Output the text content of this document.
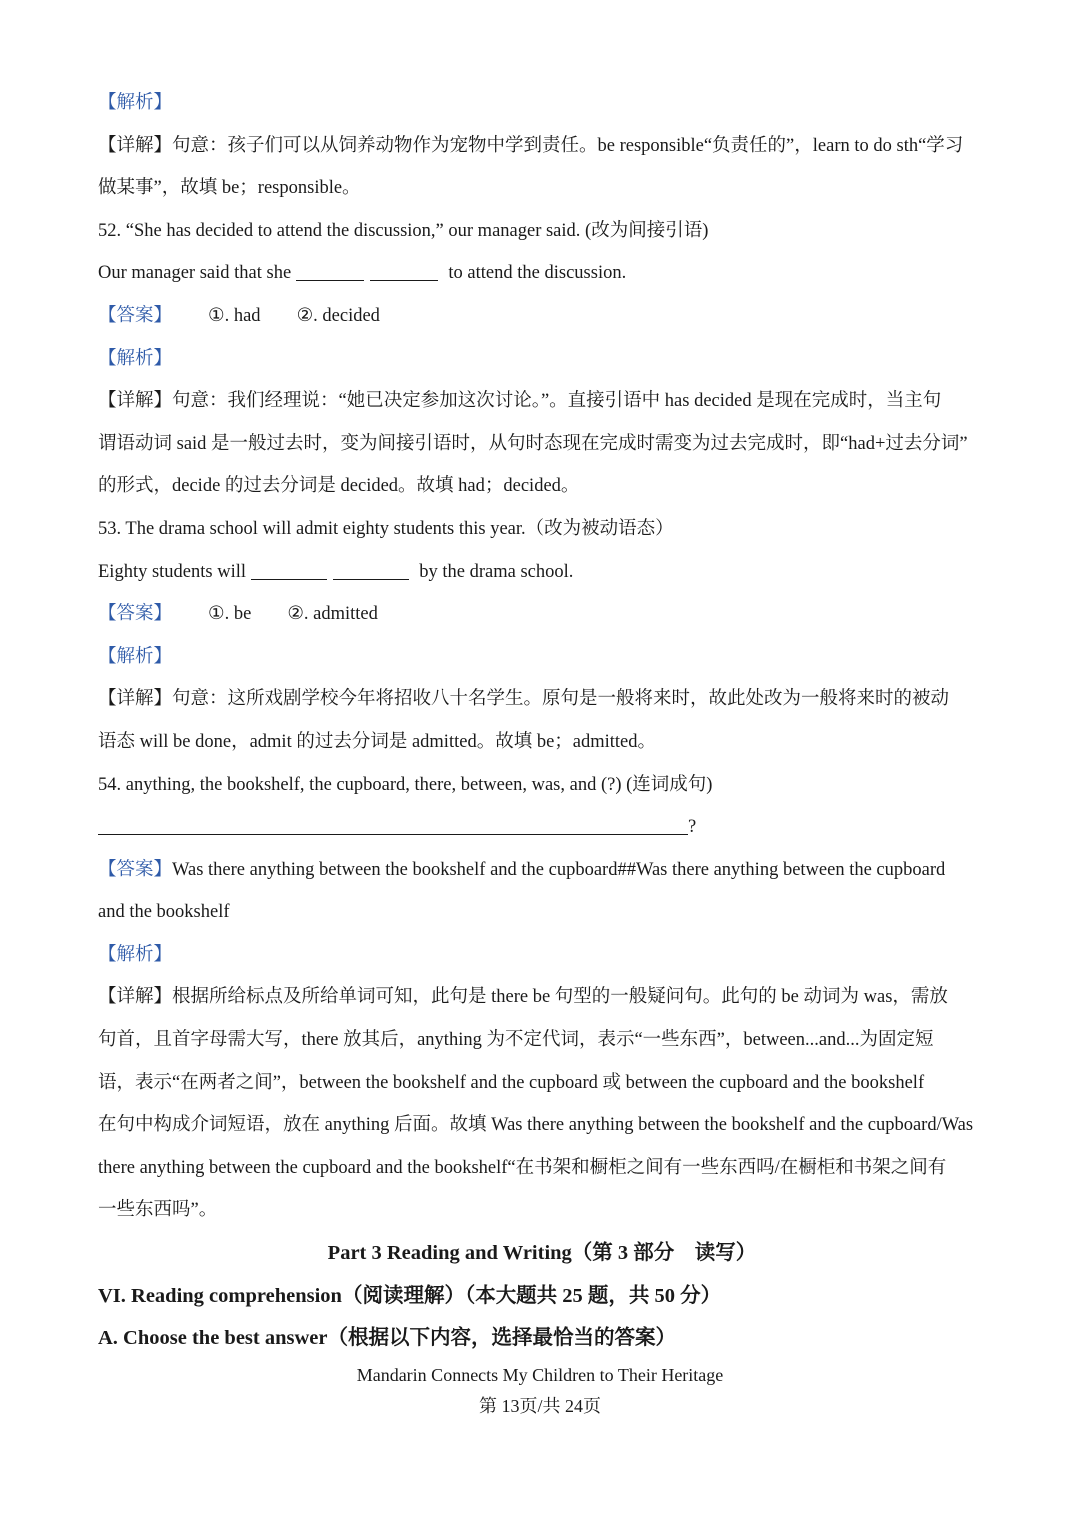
【解析】
【详解】句意：孩子们可以从饲养动物作为宠物中学到责任。be responsible“负责任的”，learn to do sth“学习
做某事”，故填 be；responsible。
52. “She has decided to attend the discussion,” our manager said. (改为间接引语)
Our manager said that she	to attend the discussion.
【答案】 ①. had ②. decided
【解析】
【详解】句意：我们经理说：“她已决定参加这次讨论。”。直接引语中 has decided 是现在完成时，当主句
谓语动词 said 是一般过去时，变为间接引语时，从句时态现在完成时需变为过去完成时，即“had+过去分词”
的形式，decide 的过去分词是 decided。故填 had；decided。
53. The drama school will admit eighty students this year.（改为被动语态）
Eighty students will	by the drama school.
【答案】 ①. be ②. admitted
【解析】
【详解】句意：这所戏剧学校今年将招收八十名学生。原句是一般将来时，故此处改为一般将来时的被动
语态 will be done，admit 的过去分词是 admitted。故填 be；admitted。
54. anything, the bookshelf, the cupboard, there, between, was, and (?) (连词成句)
?
【答案】Was there anything between the bookshelf and the cupboard##Was there anything between the cupboard
and the bookshelf
【解析】
【详解】根据所给标点及所给单词可知，此句是 there be 句型的一般疑问句。此句的 be 动词为 was，需放
句首，且首字母需大写，there 放其后，anything 为不定代词，表示“一些东西”，between...and...为固定短
语，表示“在两者之间”，between the bookshelf and the cupboard 或 between the cupboard and the bookshelf
在句中构成介词短语，放在 anything 后面。故填 Was there anything between the bookshelf and the cupboard/Was
there anything between the cupboard and the bookshelf“在书架和橱柜之间有一些东西吗/在橱柜和书架之间有
一些东西吗”。
Part 3 Reading and Writing（第 3 部分　读写）
VI. Reading comprehension（阅读理解）（本大题共 25 题，共 50 分）
A. Choose the best answer（根据以下内容，选择最恰当的答案）
Mandarin Connects My Children to Their Heritage
第 13页/共 24页
